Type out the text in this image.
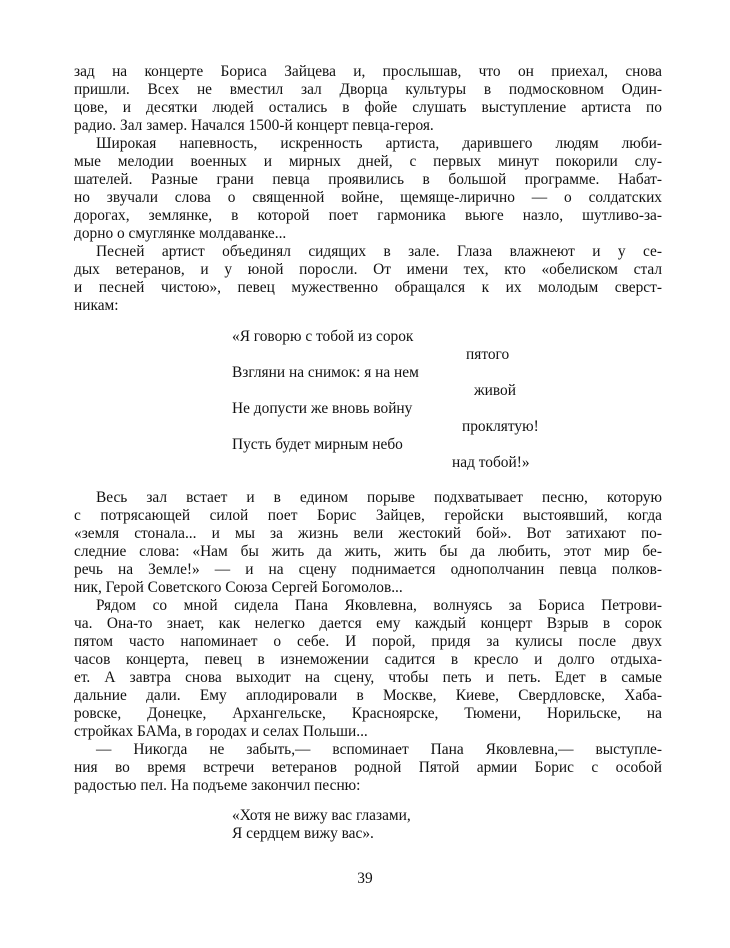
зад на концерте Бориса Зайцева и, прослышав, что он приехал, снова
пришли. Всех не вместил зал Дворца культуры в подмосковном Один-
цове, и десятки людей остались в фойе слушать выступление артиста по
радио. Зал замер. Начался 1500-й концерт певца-героя.
Широкая напевность, искренность артиста, дарившего людям люби-
мые мелодии военных и мирных дней, с первых минут покорили слу-
шателей. Разные грани певца проявились в большой программе. Набат-
но звучали слова о священной войне, щемяще-лирично — о солдатских
дорогах, землянке, в которой поет гармоника вьюге назло, шутливо-за-
дорно о смуглянке молдаванке...
Песней артист объединял сидящих в зале. Глаза влажнеют и у се-
дых ветеранов, и у юной поросли. От имени тех, кто «обелиском стал
и песней чистою», певец мужественно обращался к их молодым сверст-
никам:
«Я говорю с тобой из сорок
пятого
Взгляни на снимок: я на нем
живой
Не допусти же вновь войну
проклятую!
Пусть будет мирным небо
над тобой!»
Весь зал встает и в едином порыве подхватывает песню, которую
с потрясающей силой поет Борис Зайцев, геройски выстоявший, когда
«земля стонала... и мы за жизнь вели жестокий бой». Вот затихают по-
следние слова: «Нам бы жить да жить, жить бы да любить, этот мир бе-
речь на Земле!» — и на сцену поднимается однополчанин певца полков-
ник, Герой Советского Союза Сергей Богомолов...
Рядом со мной сидела Пана Яковлевна, волнуясь за Бориса Петрови-
ча. Она-то знает, как нелегко дается ему каждый концерт Взрыв в сорок
пятом часто напоминает о себе. И порой, придя за кулисы после двух
часов концерта, певец в изнеможении садится в кресло и долго отдыха-
ет. А завтра снова выходит на сцену, чтобы петь и петь. Едет в самые
дальние дали. Ему аплодировали в Москве, Киеве, Свердловске, Хаба-
ровске, Донецке, Архангельске, Красноярске, Тюмени, Норильске, на
стройках БАМа, в городах и селах Польши...
— Никогда не забыть,— вспоминает Пана Яковлевна,— выступле-
ния во время встречи ветеранов родной Пятой армии Борис с особой
радостью пел. На подъеме закончил песню:
«Хотя не вижу вас глазами,
Я сердцем вижу вас».
39
